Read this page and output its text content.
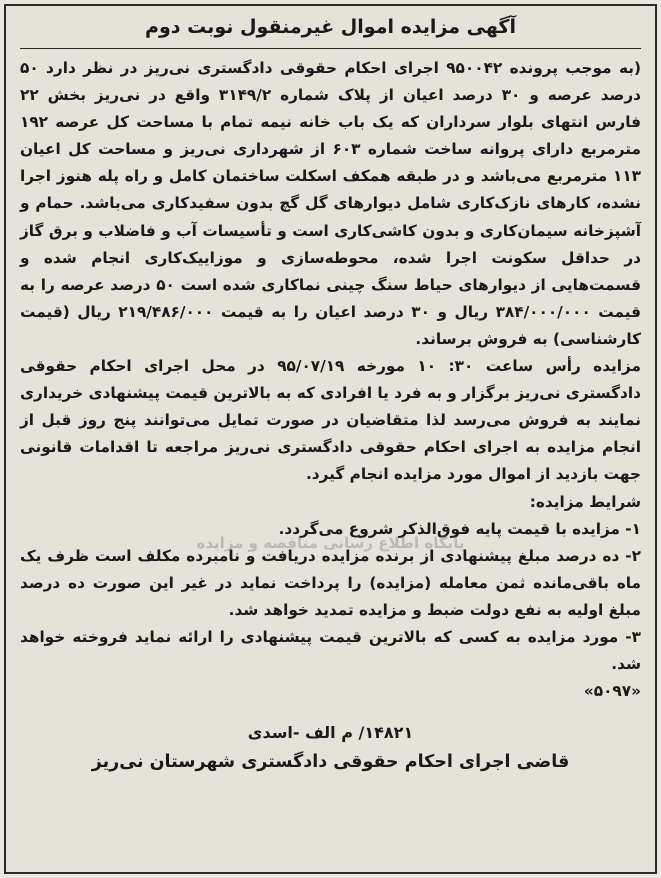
پایگاه اطلاع رسانی مناقصه و مزایده
آگهی مزایده اموال غیرمنقول نوبت دوم

(به موجب پرونده ۹۵۰۰۴۲ اجرای احکام حقوقی دادگستری نی‌ریز در نظر دارد ۵۰ درصد عرصه و ۳۰ درصد اعیان از پلاک شماره ۳۱۴۹/۲ واقع در نی‌ریز بخش ۲۲ فارس انتهای بلوار سرداران که یک باب خانه نیمه تمام با مساحت کل عرصه ۱۹۲ مترمربع دارای پروانه ساخت شماره ۶۰۳ از شهرداری نی‌ریز و مساحت کل اعیان ۱۱۳ مترمربع می‌باشد و در طبقه همکف اسکلت ساختمان کامل و راه پله هنوز اجرا نشده، کارهای نازک‌کاری شامل دیوارهای گل گچ بدون سفیدکاری می‌باشد. حمام و آشپزخانه سیمان‌کاری و بدون کاشی‌کاری است و تأسیسات آب و فاضلاب و برق گاز در حداقل سکونت اجرا شده، محوطه‌سازی و موزاییک‌کاری انجام شده و قسمت‌هایی از دیوارهای حیاط سنگ چینی نماکاری شده است ۵۰ درصد عرصه را به قیمت ۳۸۴/۰۰۰/۰۰۰ ریال و ۳۰ درصد اعیان را به قیمت ۲۱۹/۴۸۶/۰۰۰ ریال (قیمت کارشناسی) به فروش برساند.

مزایده رأس ساعت ۳۰: ۱۰ مورخه ۹۵/۰۷/۱۹ در محل اجرای احکام حقوقی دادگستری نی‌ریز برگزار و به فرد یا افرادی که به بالاترین قیمت پیشنهادی خریداری نمایند به فروش می‌رسد لذا متقاضیان در صورت تمایل می‌توانند پنج روز قبل از انجام مزایده به اجرای احکام حقوقی دادگستری نی‌ریز مراجعه تا اقدامات قانونی جهت بازدید از اموال مورد مزایده انجام گیرد.

شرایط مزایده:

۱- مزایده با قیمت پایه فوق‌الذکر شروع می‌گردد.

۲- ده درصد مبلغ پیشنهادی از برنده مزایده دریافت و نامبرده مکلف است ظرف یک ماه باقی‌مانده ثمن معامله (مزایده) را پرداخت نماید در غیر این صورت ده درصد مبلغ اولیه به نفع دولت ضبط و مزایده تمدید خواهد شد.

۳- مورد مزایده به کسی که بالاترین قیمت پیشنهادی را ارائه نماید فروخته خواهد شد.

«۵۰۹۷»

۱۴۸۲۱/ م الف -اسدی
قاضی اجرای احکام حقوقی دادگستری شهرستان نی‌ریز
